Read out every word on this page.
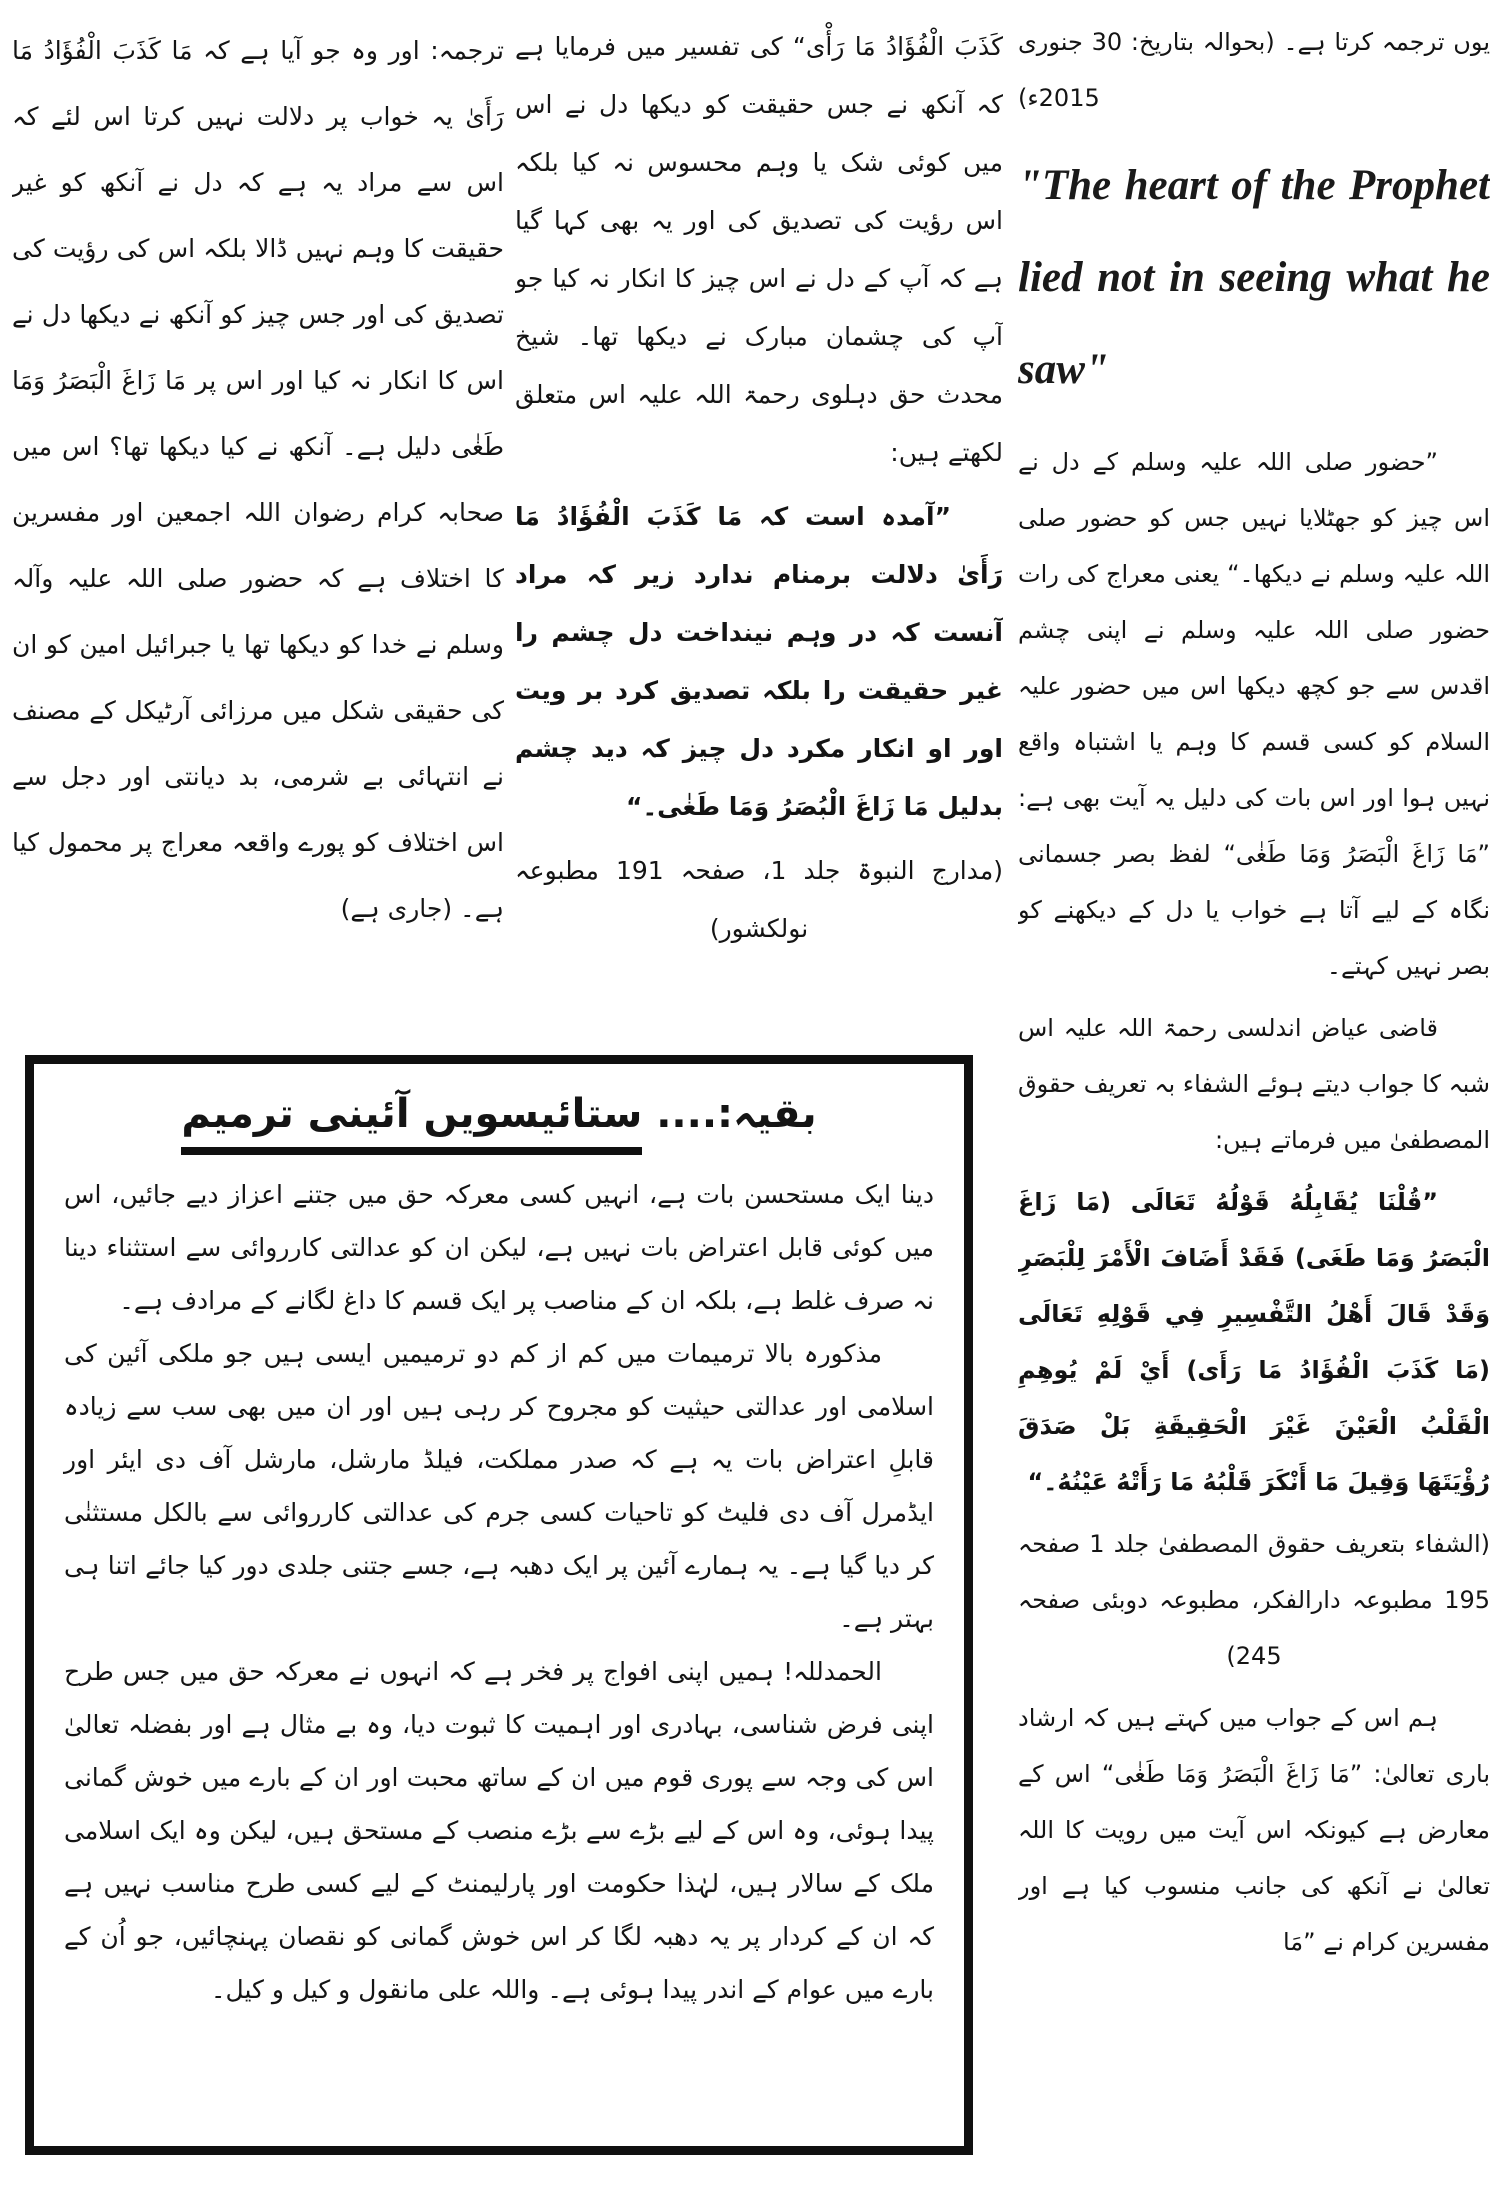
ترجمہ: اور وہ جو آیا ہے کہ مَا كَذَبَ الْفُؤَادُ مَا رَأَىٰ یہ خواب پر دلالت نہیں کرتا اس لئے کہ اس سے مراد یہ ہے کہ دل نے آنکھ کو غیر حقیقت کا وہم نہیں ڈالا بلکہ اس کی رؤیت کی تصدیق کی اور جس چیز کو آنکھ نے دیکھا دل نے اس کا انکار نہ کیا اور اس پر مَا زَاغَ الْبَصَرُ وَمَا طَغٰی دلیل ہے۔ آنکھ نے کیا دیکھا تھا؟ اس میں صحابہ کرام رضوان اللہ اجمعین اور مفسرین کا اختلاف ہے کہ حضور صلی اللہ علیہ وآلہ وسلم نے خدا کو دیکھا تھا یا جبرائیل امین کو ان کی حقیقی شکل میں مرزائی آرٹیکل کے مصنف نے انتہائی بے شرمی، بد دیانتی اور دجل سے اس اختلاف کو پورے واقعہ معراج پر محمول کیا ہے۔ (جاری ہے)

كَذَبَ الْفُؤَادُ مَا رَأْی“ کی تفسیر میں فرمایا ہے کہ آنکھ نے جس حقیقت کو دیکھا دل نے اس میں کوئی شک یا وہم محسوس نہ کیا بلکہ اس رؤیت کی تصدیق کی اور یہ بھی کہا گیا ہے کہ آپ کے دل نے اس چیز کا انکار نہ کیا جو آپ کی چشمان مبارک نے دیکھا تھا۔ شیخ محدث حق دہلوی رحمۃ اللہ علیہ اس متعلق لکھتے ہیں:

”آمدہ است کہ مَا كَذَبَ الْفُؤَادُ مَا رَأَىٰ دلالت برمنام ندارد زیر کہ مراد آنست کہ در وہم نینداخت دل چشم را غیر حقیقت را بلکہ تصدیق کرد بر ویت اور او انکار مکرد دل چیز کہ دید چشم بدلیل مَا زَاغَ الْبُصَرُ وَمَا طَغٰی۔“

(مدارج النبوۃ جلد 1، صفحہ 191 مطبوعہ نولکشور)

یوں ترجمہ کرتا ہے۔ (بحوالہ بتاریخ: 30 جنوری 2015ء)

"The heart of the Prophet lied not in seeing what he saw"

”حضور صلی اللہ علیہ وسلم کے دل نے اس چیز کو جھٹلایا نہیں جس کو حضور صلی اللہ علیہ وسلم نے دیکھا۔“ یعنی معراج کی رات حضور صلی اللہ علیہ وسلم نے اپنی چشم اقدس سے جو کچھ دیکھا اس میں حضور علیہ السلام کو کسی قسم کا وہم یا اشتباہ واقع نہیں ہوا اور اس بات کی دلیل یہ آیت بھی ہے: ”مَا زَاغَ الْبَصَرُ وَمَا طَغٰی“ لفظ بصر جسمانی نگاہ کے لیے آتا ہے خواب یا دل کے دیکھنے کو بصر نہیں کہتے۔

قاضی عیاض اندلسی رحمۃ اللہ علیہ اس شبہ کا جواب دیتے ہوئے الشفاء بہ تعریف حقوق المصطفیٰ میں فرماتے ہیں:

”قُلْنَا يُقَابِلُهُ قَوْلُهُ تَعَالَى (مَا زَاغَ الْبَصَرُ وَمَا طَغَى) فَقَدْ أَضَافَ الْأَمْرَ لِلْبَصَرِ وَقَدْ قَالَ أَهْلُ التَّفْسِيرِ فِي قَوْلِهِ تَعَالَى (مَا كَذَبَ الْفُؤَادُ مَا رَأَى) أَيْ لَمْ يُوهِمِ الْقَلْبُ الْعَيْنَ غَيْرَ الْحَقِيقَةِ بَلْ صَدَقَ رُؤْيَتَهَا وَقِيلَ مَا أَنْكَرَ قَلْبُهُ مَا رَأَتْهُ عَيْنُهُ۔“

(الشفاء بتعریف حقوق المصطفیٰ جلد 1 صفحہ 195 مطبوعہ دارالفکر، مطبوعہ دوبئی صفحہ 245)

ہم اس کے جواب میں کہتے ہیں کہ ارشاد باری تعالیٰ: ”مَا زَاغَ الْبَصَرُ وَمَا طَغٰی“ اس کے معارض ہے کیونکہ اس آیت میں رویت کا اللہ تعالیٰ نے آنکھ کی جانب منسوب کیا ہے اور مفسرین کرام نے ”مَا

بقیہ:.... ستائیسویں آئینی ترمیم

دینا ایک مستحسن بات ہے، انہیں کسی معرکہ حق میں جتنے اعزاز دیے جائیں، اس میں کوئی قابل اعتراض بات نہیں ہے، لیکن ان کو عدالتی کارروائی سے استثناء دینا نہ صرف غلط ہے، بلکہ ان کے مناصب پر ایک قسم کا داغ لگانے کے مرادف ہے۔

مذکورہ بالا ترمیمات میں کم از کم دو ترمیمیں ایسی ہیں جو ملکی آئین کی اسلامی اور عدالتی حیثیت کو مجروح کر رہی ہیں اور ان میں بھی سب سے زیادہ قابلِ اعتراض بات یہ ہے کہ صدر مملکت، فیلڈ مارشل، مارشل آف دی ایئر اور ایڈمرل آف دی فلیٹ کو تاحیات کسی جرم کی عدالتی کارروائی سے بالکل مستثنٰی کر دیا گیا ہے۔ یہ ہمارے آئین پر ایک دھبہ ہے، جسے جتنی جلدی دور کیا جائے اتنا ہی بہتر ہے۔

الحمدللہ! ہمیں اپنی افواج پر فخر ہے کہ انہوں نے معرکہ حق میں جس طرح اپنی فرض شناسی، بہادری اور اہمیت کا ثبوت دیا، وہ بے مثال ہے اور بفضلہ تعالیٰ اس کی وجہ سے پوری قوم میں ان کے ساتھ محبت اور ان کے بارے میں خوش گمانی پیدا ہوئی، وہ اس کے لیے بڑے سے بڑے منصب کے مستحق ہیں، لیکن وہ ایک اسلامی ملک کے سالار ہیں، لہٰذا حکومت اور پارلیمنٹ کے لیے کسی طرح مناسب نہیں ہے کہ ان کے کردار پر یہ دھبہ لگا کر اس خوش گمانی کو نقصان پہنچائیں، جو اُن کے بارے میں عوام کے اندر پیدا ہوئی ہے۔ واللہ علی مانقول و کیل و کیل۔
